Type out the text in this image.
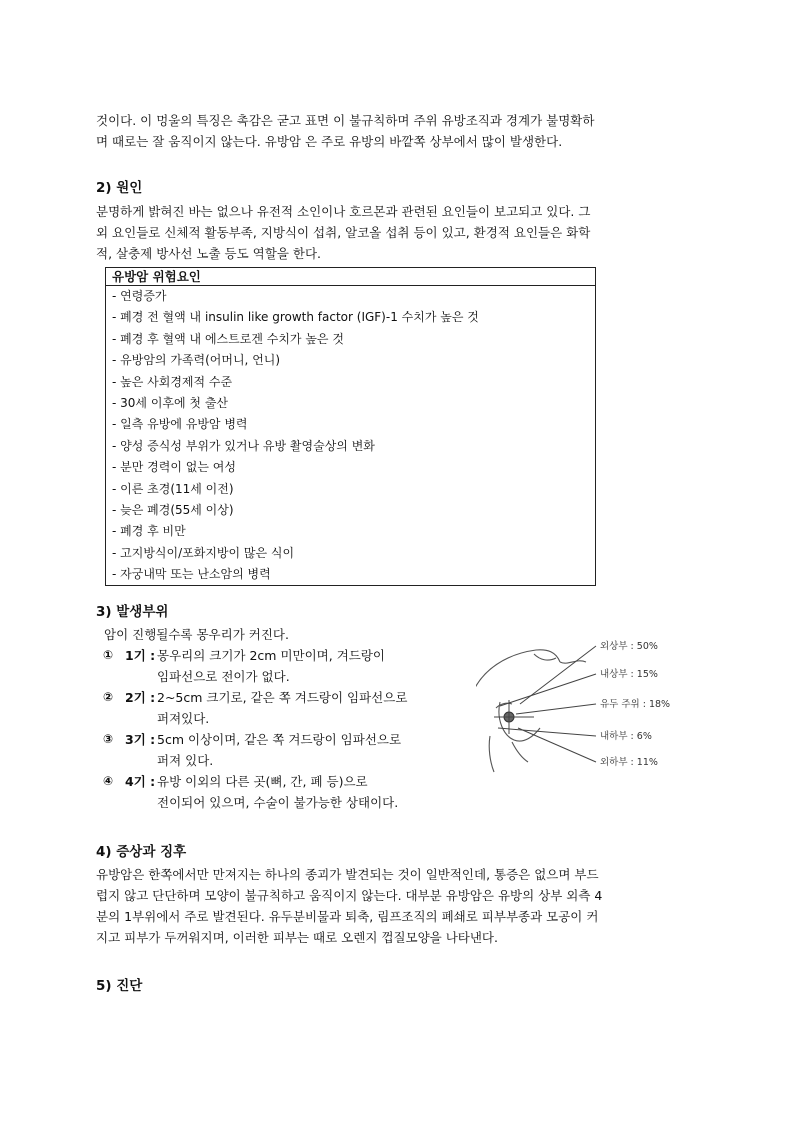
것이다. 이 멍울의 특징은 촉감은 굳고 표면 이 불규칙하며 주위 유방조직과 경계가 불명확하
며 때로는 잘 움직이지 않는다. 유방암 은 주로 유방의 바깥쪽 상부에서 많이 발생한다.

2) 원인

분명하게 밝혀진 바는 없으나 유전적 소인이나 호르몬과 관련된 요인들이 보고되고 있다. 그
외 요인들로 신체적 활동부족, 지방식이 섭취, 알코올 섭취 등이 있고, 환경적 요인들은 화학
적, 살충제 방사선 노출 등도 역할을 한다.

유방암 위험요인
- 연령증가
- 폐경 전 혈액 내 insulin like growth factor (IGF)-1 수치가 높은 것
- 폐경 후 혈액 내 에스트로겐 수치가 높은 것
- 유방암의 가족력(어머니, 언니)
- 높은 사회경제적 수준
- 30세 이후에 첫 출산
- 일측 유방에 유방암 병력
- 양성 증식성 부위가 있거나 유방 촬영술상의 변화
- 분만 경력이 없는 여성
- 이른 초경(11세 이전)
- 늦은 폐경(55세 이상)
- 폐경 후 비만
- 고지방식이/포화지방이 많은 식이
- 자궁내막 또는 난소암의 병력

3) 발생부위

암이 진행될수록 몽우리가 커진다.
① 1기 : 몽우리의 크기가 2cm 미만이며, 겨드랑이
임파선으로 전이가 없다.
② 2기 : 2~5cm 크기로, 같은 쪽 겨드랑이 임파선으로
퍼져있다.
③ 3기 : 5cm 이상이며, 같은 쪽 겨드랑이 임파선으로
퍼져 있다.
④ 4기 : 유방 이외의 다른 곳(뼈, 간, 폐 등)으로
전이되어 있으며, 수술이 불가능한 상태이다.
외상부 : 50%
내상부 : 15%
유두 주위 : 18%
내하부 : 6%
외하부 : 11%

4) 증상과 징후

유방암은 한쪽에서만 만져지는 하나의 종괴가 발견되는 것이 일반적인데, 통증은 없으며 부드
럽지 않고 단단하며 모양이 불규칙하고 움직이지 않는다. 대부분 유방암은 유방의 상부 외측 4
분의 1부위에서 주로 발견된다. 유두분비물과 퇴축, 림프조직의 폐쇄로 피부부종과 모공이 커
지고 피부가 두꺼워지며, 이러한 피부는 때로 오렌지 껍질모양을 나타낸다.

5) 진단
